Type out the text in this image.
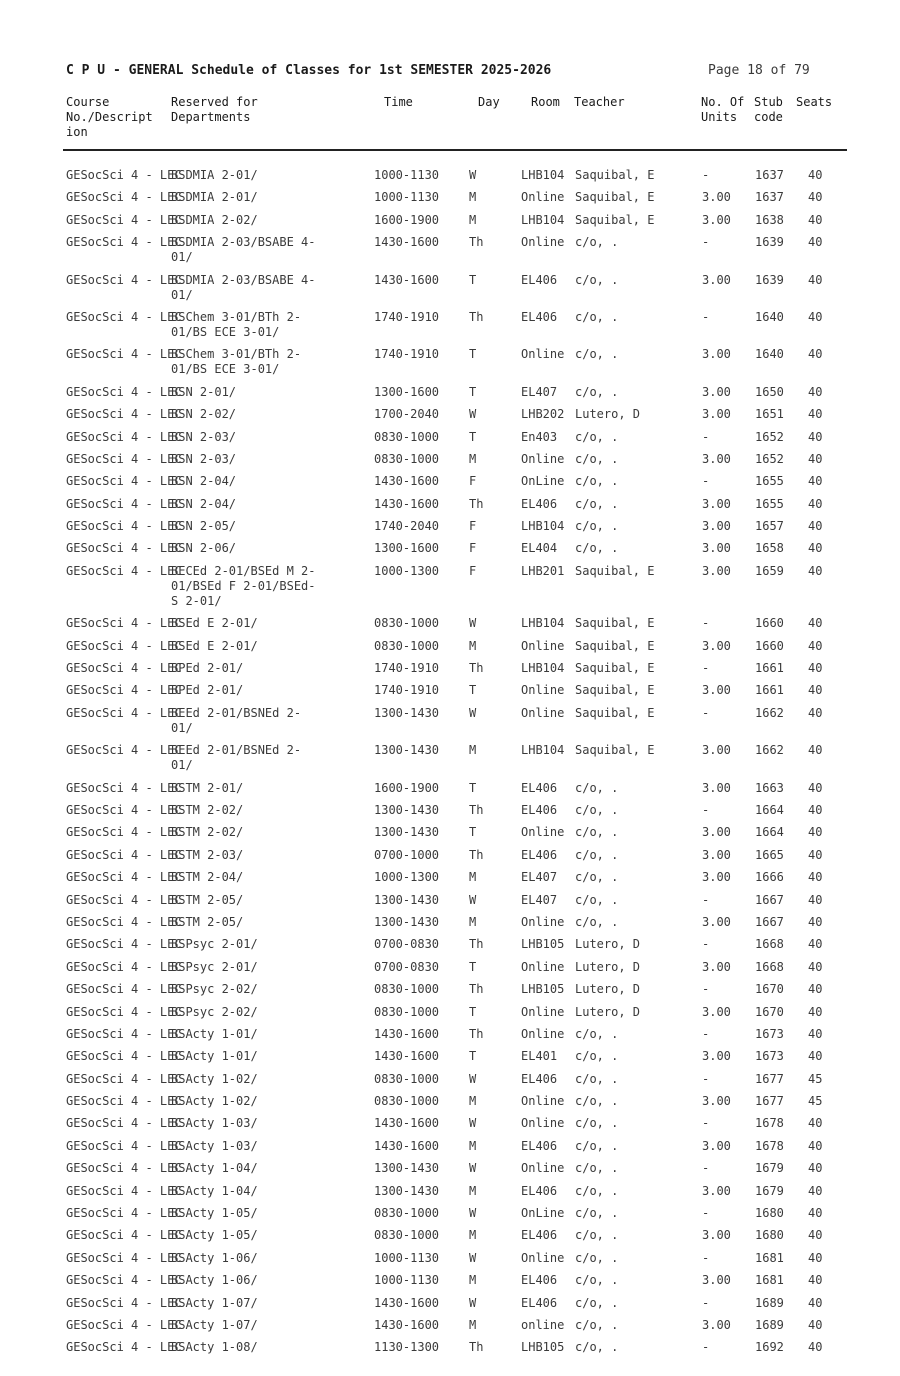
C P U - GENERAL Schedule of Classes for 1st SEMESTER 2025-2026	Page 18 of 79
Course
No./Descript
ion
Reserved for
Departments
Time	Day	Room Teacher	No. Of
Units
Stub
code
Seats
GESocSci 4 - LEC
BSDMIA 2-01/	1000-1130 W	LHB104 Saquibal, E	-	1637 40
GESocSci 4 - LEC
BSDMIA 2-01/	1000-1130 M	Online Saquibal, E	3.00 1637 40
GESocSci 4 - LEC
BSDMIA 2-02/	1600-1900 M	LHB104 Saquibal, E	3.00 1638 40
GESocSci 4 - LEC
BSDMIA 2-03/BSABE 4-
01/
1430-1600 Th	Online c/o, .	-	1639 40
GESocSci 4 - LEC
BSDMIA 2-03/BSABE 4-
01/
1430-1600 T	EL406 c/o, .	3.00 1639 40
GESocSci 4 - LEC
BSChem 3-01/BTh 2-
01/BS ECE 3-01/
1740-1910 Th	EL406 c/o, .	-	1640 40
GESocSci 4 - LEC
BSChem 3-01/BTh 2-
01/BS ECE 3-01/
1740-1910 T	Online c/o, .	3.00 1640 40
GESocSci 4 - LEC
BSN 2-01/	1300-1600 T	EL407 c/o, .	3.00 1650 40
GESocSci 4 - LEC
BSN 2-02/	1700-2040 W	LHB202 Lutero, D	3.00 1651 40
GESocSci 4 - LEC
BSN 2-03/	0830-1000 T	En403 c/o, .	-	1652 40
GESocSci 4 - LEC
BSN 2-03/	0830-1000 M	Online c/o, .	3.00 1652 40
GESocSci 4 - LEC
BSN 2-04/	1430-1600 F	OnLine c/o, .	-	1655 40
GESocSci 4 - LEC
BSN 2-04/	1430-1600 Th	EL406 c/o, .	3.00 1655 40
GESocSci 4 - LEC
BSN 2-05/	1740-2040 F	LHB104 c/o, .	3.00 1657 40
GESocSci 4 - LEC
BSN 2-06/	1300-1600 F	EL404 c/o, .	3.00 1658 40
GESocSci 4 - LEC
BECEd 2-01/BSEd M 2-
01/BSEd F 2-01/BSEd-
S 2-01/
1000-1300 F	LHB201 Saquibal, E	3.00 1659 40
GESocSci 4 - LEC
BSEd E 2-01/	0830-1000 W	LHB104 Saquibal, E	-	1660 40
GESocSci 4 - LEC
BSEd E 2-01/	0830-1000 M	Online Saquibal, E	3.00 1660 40
GESocSci 4 - LEC
BPEd 2-01/	1740-1910 Th	LHB104 Saquibal, E	-	1661 40
GESocSci 4 - LEC
BPEd 2-01/	1740-1910 T	Online Saquibal, E	3.00 1661 40
GESocSci 4 - LEC
BEEd 2-01/BSNEd 2-
01/
1300-1430 W	Online Saquibal, E	-	1662 40
GESocSci 4 - LEC
BEEd 2-01/BSNEd 2-
01/
1300-1430 M	LHB104 Saquibal, E	3.00 1662 40
GESocSci 4 - LEC
BSTM 2-01/	1600-1900 T	EL406 c/o, .	3.00 1663 40
GESocSci 4 - LEC
BSTM 2-02/	1300-1430 Th	EL406 c/o, .	-	1664 40
GESocSci 4 - LEC
BSTM 2-02/	1300-1430 T	Online c/o, .	3.00 1664 40
GESocSci 4 - LEC
BSTM 2-03/	0700-1000 Th	EL406 c/o, .	3.00 1665 40
GESocSci 4 - LEC
BSTM 2-04/	1000-1300 M	EL407 c/o, .	3.00 1666 40
GESocSci 4 - LEC
BSTM 2-05/	1300-1430 W	EL407 c/o, .	-	1667 40
GESocSci 4 - LEC
BSTM 2-05/	1300-1430 M	Online c/o, .	3.00 1667 40
GESocSci 4 - LEC
BSPsyc 2-01/	0700-0830 Th	LHB105 Lutero, D	-	1668 40
GESocSci 4 - LEC
BSPsyc 2-01/	0700-0830 T	Online Lutero, D	3.00 1668 40
GESocSci 4 - LEC
BSPsyc 2-02/	0830-1000 Th	LHB105 Lutero, D	-	1670 40
GESocSci 4 - LEC
BSPsyc 2-02/	0830-1000 T	Online Lutero, D	3.00 1670 40
GESocSci 4 - LEC
BSActy 1-01/	1430-1600 Th	Online c/o, .	-	1673 40
GESocSci 4 - LEC
BSActy 1-01/	1430-1600 T	EL401 c/o, .	3.00 1673 40
GESocSci 4 - LEC
BSActy 1-02/	0830-1000 W	EL406 c/o, .	-	1677 45
GESocSci 4 - LEC
BSActy 1-02/	0830-1000 M	Online c/o, .	3.00 1677 45
GESocSci 4 - LEC
BSActy 1-03/	1430-1600 W	Online c/o, .	-	1678 40
GESocSci 4 - LEC
BSActy 1-03/	1430-1600 M	EL406 c/o, .	3.00 1678 40
GESocSci 4 - LEC
BSActy 1-04/	1300-1430 W	Online c/o, .	-	1679 40
GESocSci 4 - LEC
BSActy 1-04/	1300-1430 M	EL406 c/o, .	3.00 1679 40
GESocSci 4 - LEC
BSActy 1-05/	0830-1000 W	OnLine c/o, .	-	1680 40
GESocSci 4 - LEC
BSActy 1-05/	0830-1000 M	EL406 c/o, .	3.00 1680 40
GESocSci 4 - LEC
BSActy 1-06/	1000-1130 W	Online c/o, .	-	1681 40
GESocSci 4 - LEC
BSActy 1-06/	1000-1130 M	EL406 c/o, .	3.00 1681 40
GESocSci 4 - LEC
BSActy 1-07/	1430-1600 W	EL406 c/o, .	-	1689 40
GESocSci 4 - LEC
BSActy 1-07/	1430-1600 M	online c/o, .	3.00 1689 40
GESocSci 4 - LEC
BSActy 1-08/	1130-1300 Th	LHB105 c/o, .	-	1692 40
